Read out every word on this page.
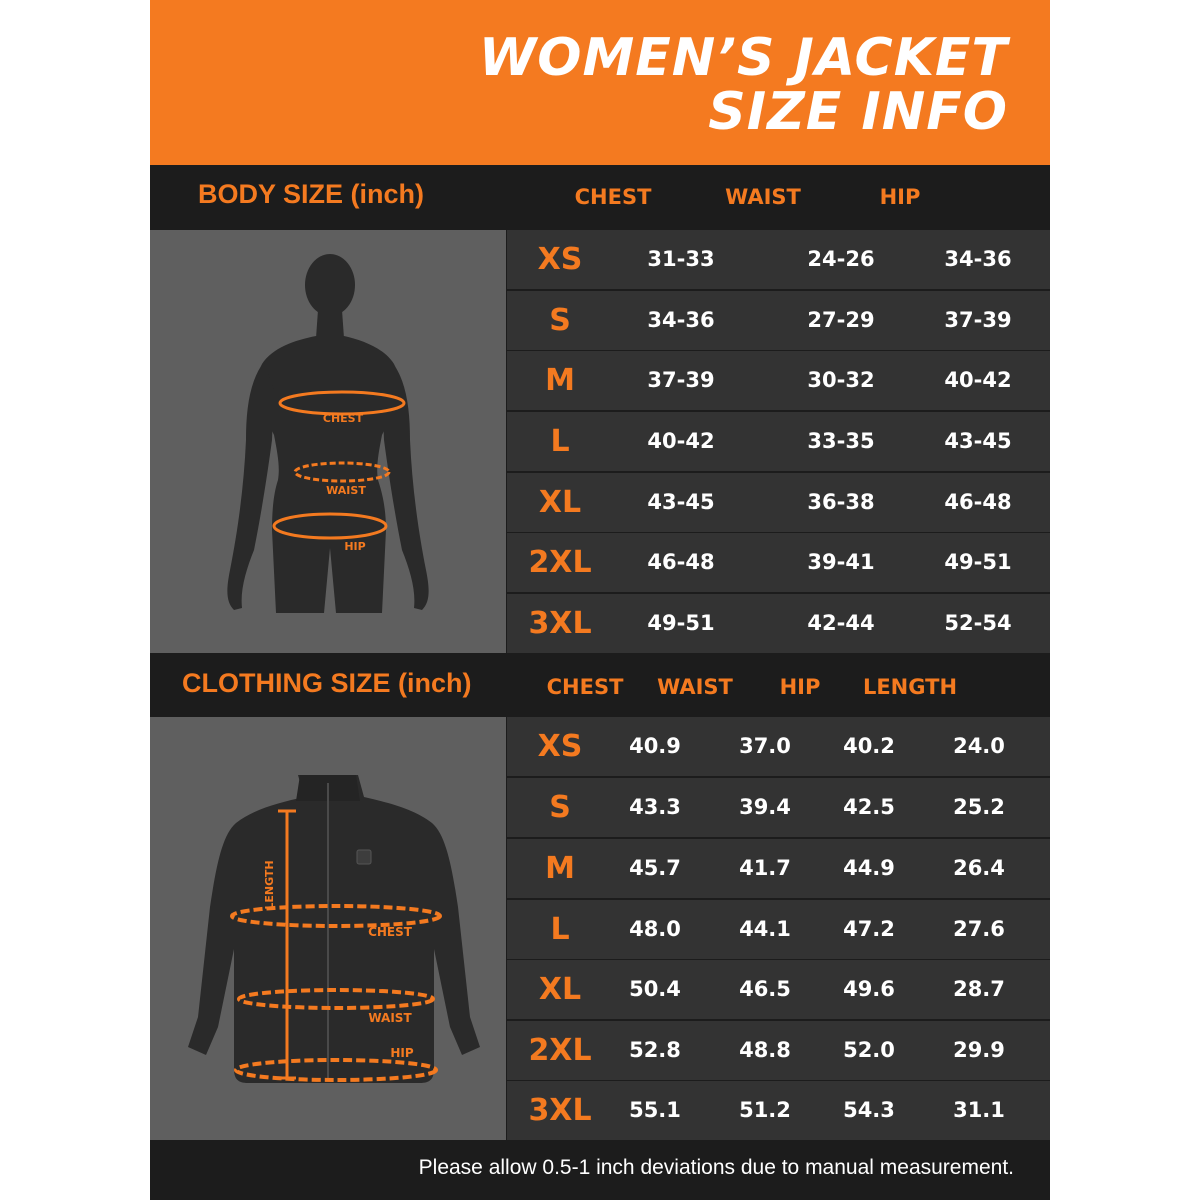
WOMEN’S JACKET
SIZE INFO
BODY SIZE (inch)	CHEST	WAIST	HIP
CHEST
WAIST
HIP
XS	31-33	24-26	34-36
S	34-36	27-29	37-39
M	37-39	30-32	40-42
L	40-42	33-35	43-45
XL	43-45	36-38	46-48
2XL	46-48	39-41	49-51
3XL	49-51	42-44	52-54
CLOTHING SIZE (inch)	CHEST	WAIST	HIP	LENGTH
LENGTH
CHEST
WAIST
HIP
XS	40.9	37.0	40.2	24.0
S	43.3	39.4	42.5	25.2
M	45.7	41.7	44.9	26.4
L	48.0	44.1	47.2	27.6
XL	50.4	46.5	49.6	28.7
2XL	52.8	48.8	52.0	29.9
3XL	55.1	51.2	54.3	31.1
Please allow 0.5-1 inch deviations due to manual measurement.
